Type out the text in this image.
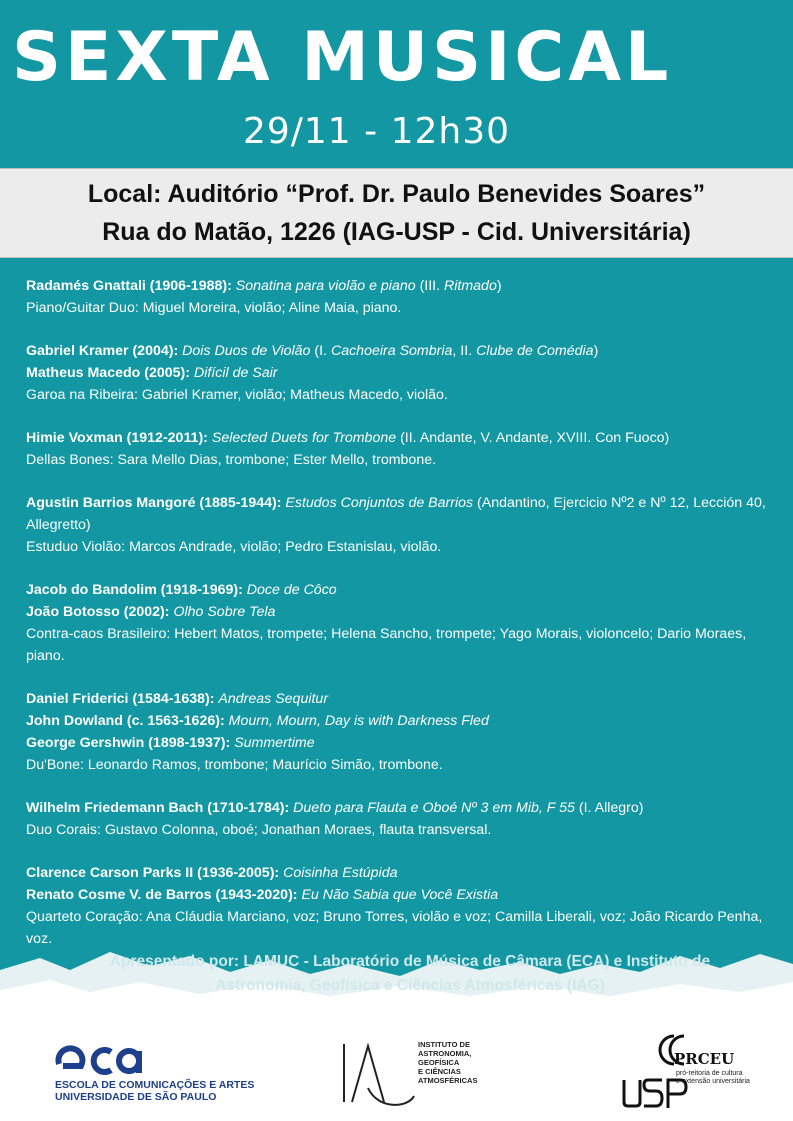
SEXTA MUSICAL
29/11 - 12h30
Local: Auditório “Prof. Dr. Paulo Benevides Soares”
Rua do Matão, 1226 (IAG-USP - Cid. Universitária)
Radamés Gnattali (1906-1988): Sonatina para violão e piano (III. Ritmado)
Piano/Guitar Duo: Miguel Moreira, violão; Aline Maia, piano.
Gabriel Kramer (2004): Dois Duos de Violão (I. Cachoeira Sombria, II. Clube de Comédia)
Matheus Macedo (2005): Difícil de Sair
Garoa na Ribeira: Gabriel Kramer, violão; Matheus Macedo, violão.
Himie Voxman (1912-2011): Selected Duets for Trombone (II. Andante, V. Andante, XVIII. Con Fuoco)
Dellas Bones: Sara Mello Dias, trombone; Ester Mello, trombone.
Agustin Barrios Mangoré (1885-1944): Estudos Conjuntos de Barrios (Andantino, Ejercicio Nº2 e Nº 12, Lección 40, Allegretto)
Estuduo Violão: Marcos Andrade, violão; Pedro Estanislau, violão.
Jacob do Bandolim (1918-1969): Doce de Côco
João Botosso (2002): Olho Sobre Tela
Contra-caos Brasileiro: Hebert Matos, trompete; Helena Sancho, trompete; Yago Morais, violoncelo; Dario Moraes, piano.
Daniel Friderici (1584-1638): Andreas Sequitur
John Dowland (c. 1563-1626): Mourn, Mourn, Day is with Darkness Fled
George Gershwin (1898-1937): Summertime
Du'Bone: Leonardo Ramos, trombone; Maurício Simão, trombone.
Wilhelm Friedemann Bach (1710-1784): Dueto para Flauta e Oboé Nº 3 em Mib, F 55 (I. Allegro)
Duo Corais: Gustavo Colonna, oboé; Jonathan Moraes, flauta transversal.
Clarence Carson Parks II (1936-2005): Coisinha Estúpida
Renato Cosme V. de Barros (1943-2020): Eu Não Sabia que Você Existia
Quarteto Coração: Ana Cláudia Marciano, voz; Bruno Torres, violão e voz; Camilla Liberali, voz; João Ricardo Penha, voz.
Apresentado por: LAMUC - Laboratório de Música de Câmara (ECA) e Instituto de
Astronomia, Geofísica e Ciências Atmosféricas (IAG)
ESCOLA DE COMUNICAÇÕES E ARTES
UNIVERSIDADE DE SÃO PAULO
INSTITUTO DE
ASTRONOMIA,
GEOFÍSICA
E CIÊNCIAS
ATMOSFÉRICAS
PRCEU
pró-reitoria de cultura
e extensão universitária
